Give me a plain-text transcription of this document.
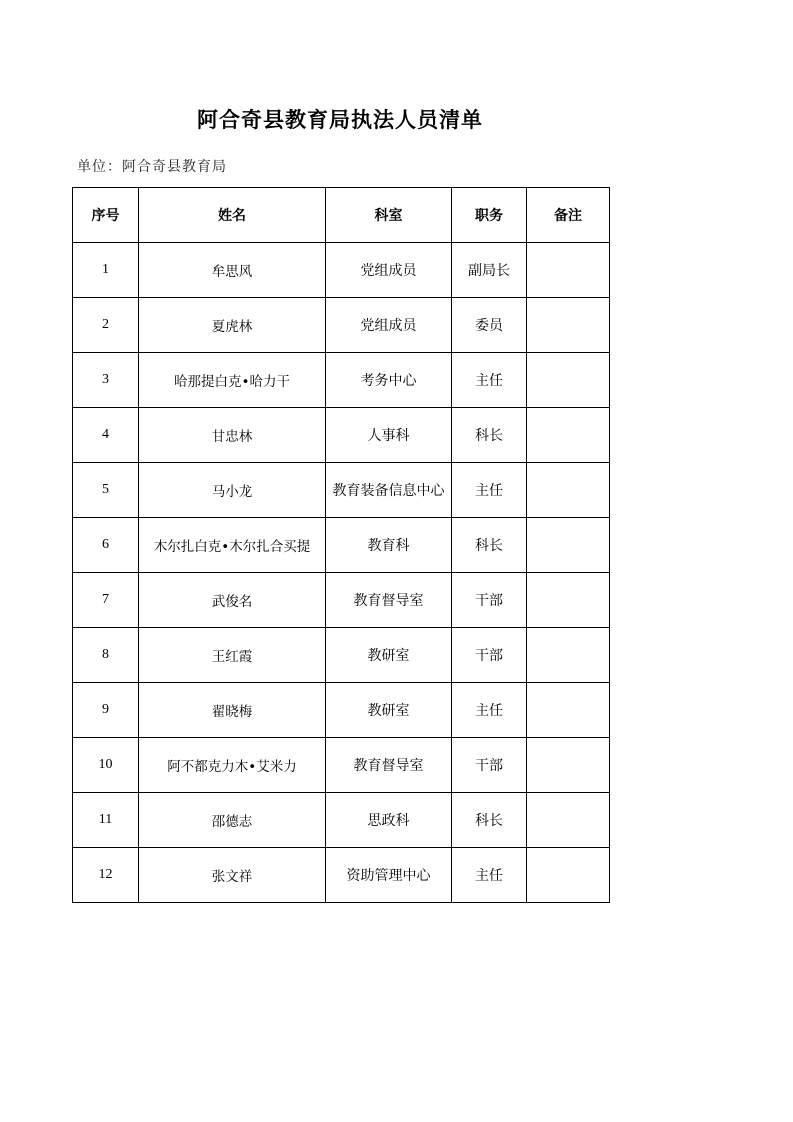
阿合奇县教育局执法人员清单
单位：阿合奇县教育局
序号	姓名	科室	职务	备注
1	牟思风	党组成员	副局长	
2	夏虎林	党组成员	委员	
3	哈那提白克•哈力干	考务中心	主任	
4	甘忠林	人事科	科长	
5	马小龙	教育装备信息中心	主任	
6	木尔扎白克•木尔扎合买提	教育科	科长	
7	武俊名	教育督导室	干部	
8	王红霞	教研室	干部	
9	翟晓梅	教研室	主任	
10	阿不都克力木•艾米力	教育督导室	干部	
11	邵德志	思政科	科长	
12	张文祥	资助管理中心	主任	
